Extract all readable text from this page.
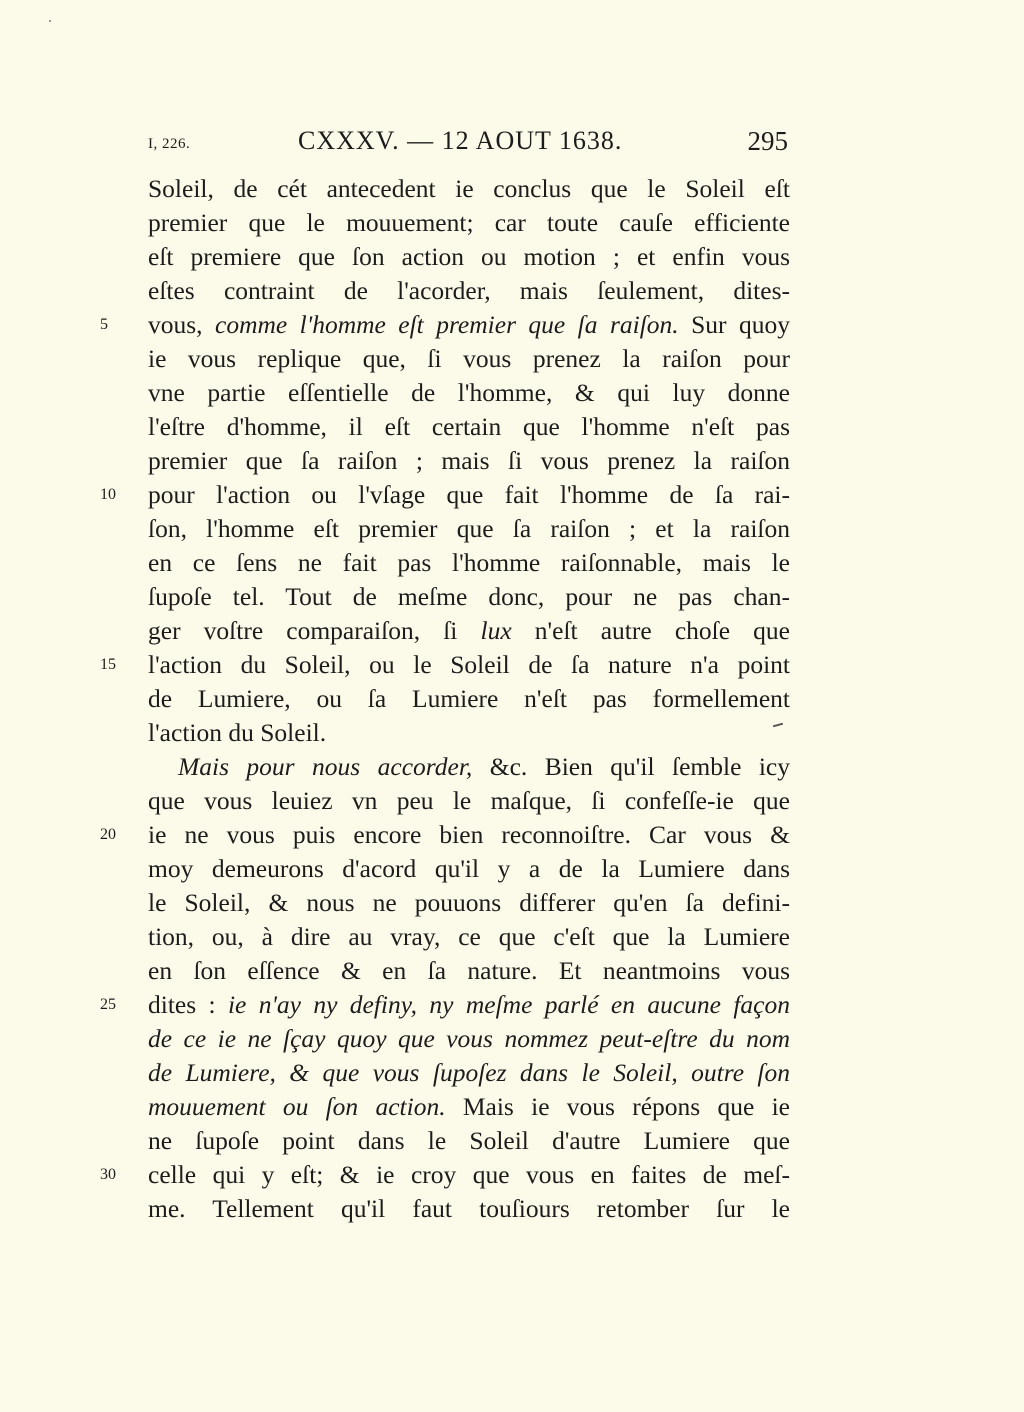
I, 226.	CXXXV. — 12 AOUT 1638.	295
Soleil, de cét antecedent ie conclus que le Soleil eſt
premier que le mouuement; car toute cauſe efficiente
eſt premiere que ſon action ou motion ; et enfin vous
eſtes contraint de l'acorder, mais ſeulement, dites-
vous, comme l'homme eſt premier que ſa raiſon. Sur quoy
ie vous replique que, ſi vous prenez la raiſon pour
vne partie eſſentielle de l'homme, & qui luy donne
l'eſtre d'homme, il eſt certain que l'homme n'eſt pas
premier que ſa raiſon ; mais ſi vous prenez la raiſon
pour l'action ou l'vſage que fait l'homme de ſa rai-
ſon, l'homme eſt premier que ſa raiſon ; et la raiſon
en ce ſens ne fait pas l'homme raiſonnable, mais le
ſupoſe tel. Tout de meſme donc, pour ne pas chan-
ger voſtre comparaiſon, ſi lux n'eſt autre choſe que
l'action du Soleil, ou le Soleil de ſa nature n'a point
de Lumiere, ou ſa Lumiere n'eſt pas formellement
l'action du Soleil.
Mais pour nous accorder, &c. Bien qu'il ſemble icy
que vous leuiez vn peu le maſque, ſi confeſſe-ie que
ie ne vous puis encore bien reconnoiſtre. Car vous &
moy demeurons d'acord qu'il y a de la Lumiere dans
le Soleil, & nous ne pouuons differer qu'en ſa defini-
tion, ou, à dire au vray, ce que c'eſt que la Lumiere
en ſon eſſence & en ſa nature. Et neantmoins vous
dites : ie n'ay ny definy, ny meſme parlé en aucune façon
de ce ie ne ſçay quoy que vous nommez peut-eſtre du nom
de Lumiere, & que vous ſupoſez dans le Soleil, outre ſon
mouuement ou ſon action. Mais ie vous répons que ie
ne ſupoſe point dans le Soleil d'autre Lumiere que
celle qui y eſt; & ie croy que vous en faites de meſ-
me. Tellement qu'il faut touſiours retomber ſur le
5
10
15
20
25
30
